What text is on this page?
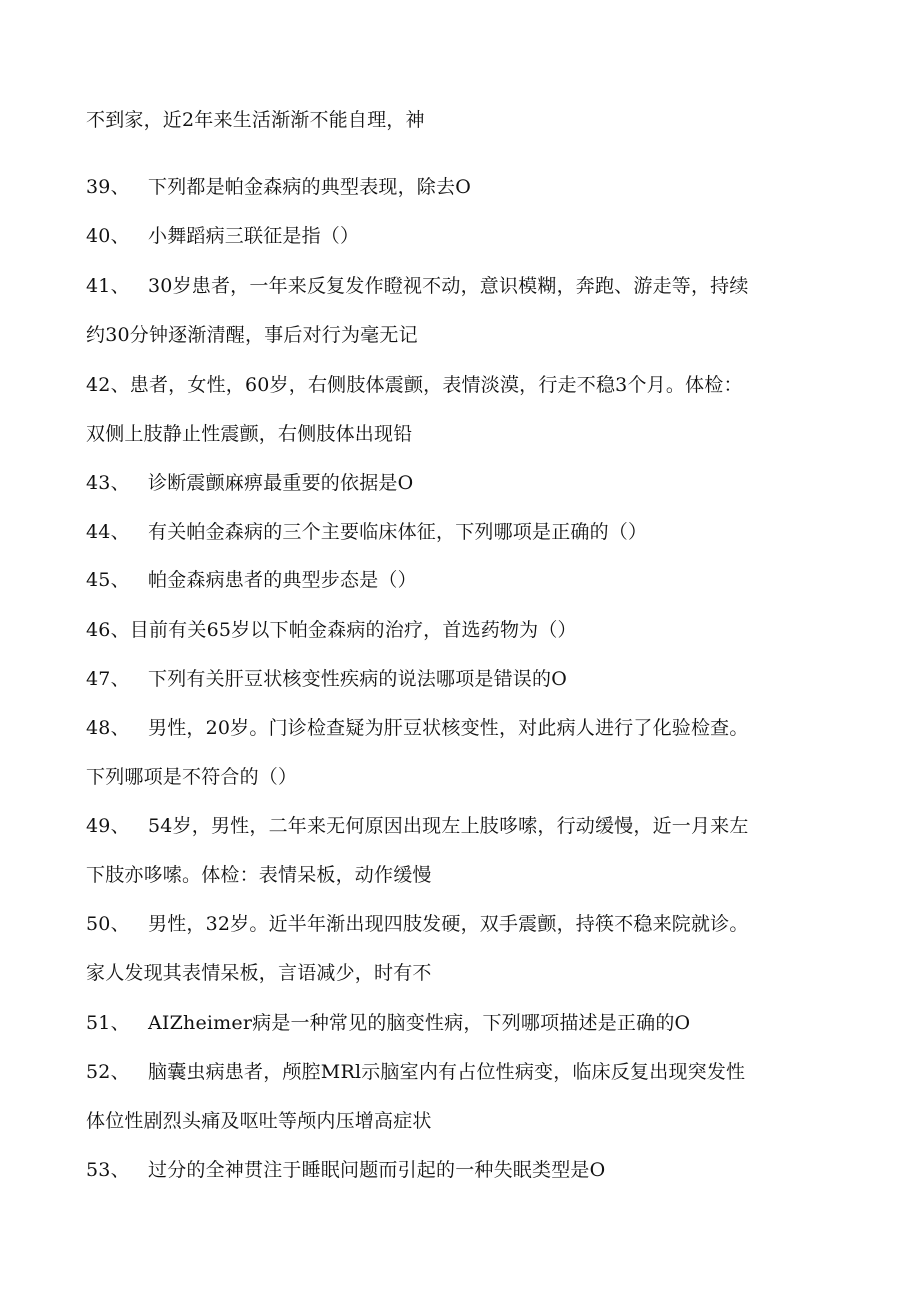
不到家，近2年来生活渐渐不能自理，神
39、 下列都是帕金森病的典型表现，除去O
40、 小舞蹈病三联征是指（）
41、 30岁患者，一年来反复发作瞪视不动，意识模糊，奔跑、游走等，持续
约30分钟逐渐清醒，事后对行为毫无记
42、患者，女性，60岁，右侧肢体震颤，表情淡漠，行走不稳3个月。体检：
双侧上肢静止性震颤，右侧肢体出现铅
43、 诊断震颤麻痹最重要的依据是O
44、 有关帕金森病的三个主要临床体征，下列哪项是正确的（）
45、 帕金森病患者的典型步态是（）
46、目前有关65岁以下帕金森病的治疗，首选药物为（）
47、 下列有关肝豆状核变性疾病的说法哪项是错误的O
48、 男性，20岁。门诊检查疑为肝豆状核变性，对此病人进行了化验检查。
下列哪项是不符合的（）
49、 54岁，男性，二年来无何原因出现左上肢哆嗦，行动缓慢，近一月来左
下肢亦哆嗦。体检：表情呆板，动作缓慢
50、 男性，32岁。近半年渐出现四肢发硬，双手震颤，持筷不稳来院就诊。
家人发现其表情呆板，言语减少，时有不
51、 AIZheimer病是一种常见的脑变性病，下列哪项描述是正确的O
52、 脑囊虫病患者，颅腔MRl示脑室内有占位性病变，临床反复出现突发性
体位性剧烈头痛及呕吐等颅内压增高症状
53、 过分的全神贯注于睡眠问题而引起的一种失眠类型是O
